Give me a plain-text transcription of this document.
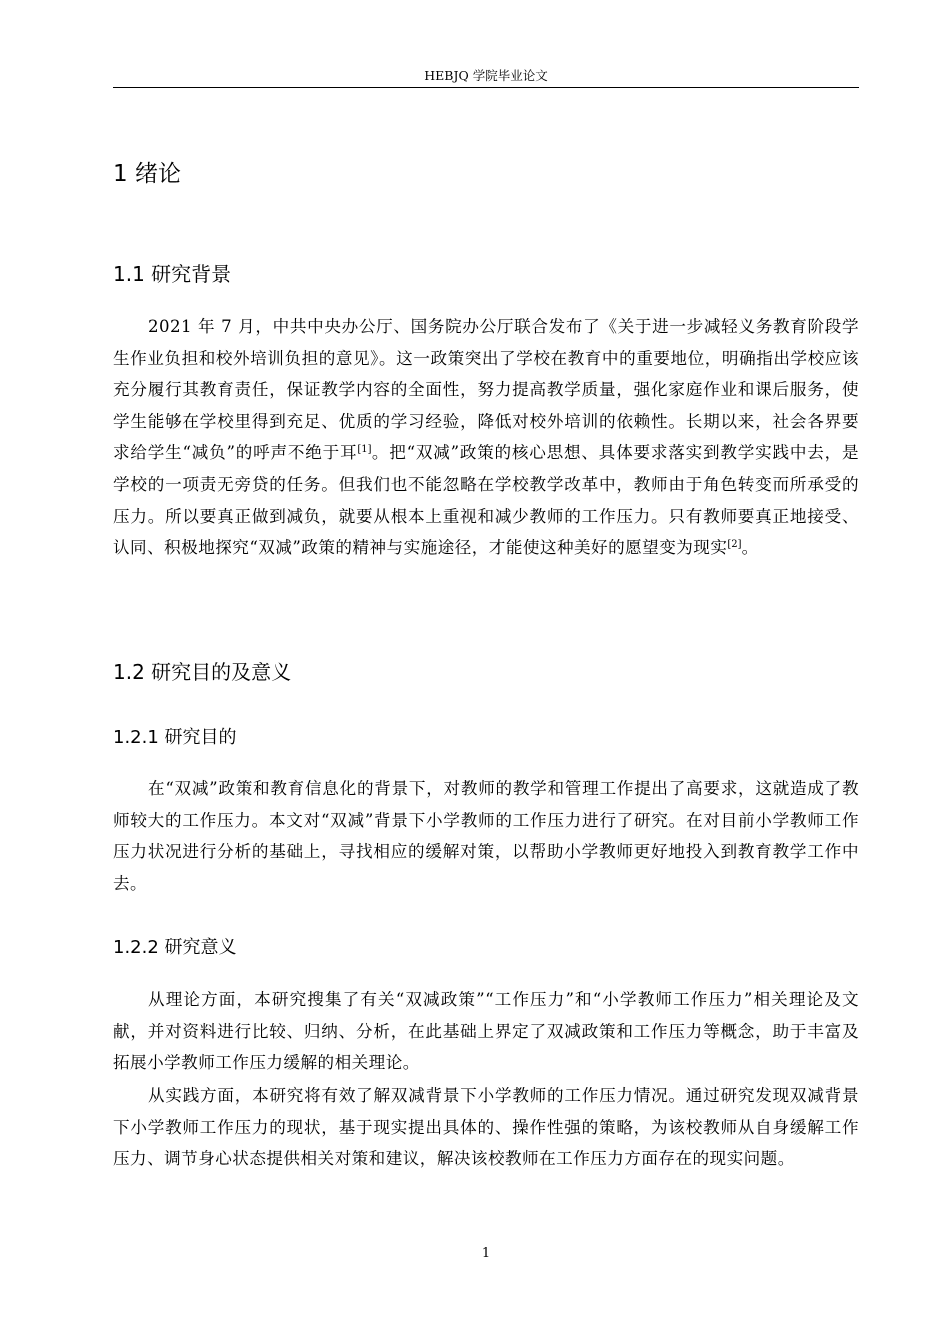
HEBJQ 学院毕业论文
1 绪论
1.1 研究背景

2021 年 7 月，中共中央办公厅、国务院办公厅联合发布了《关于进一步减轻义务教育阶段学生作业负担和校外培训负担的意见》。这一政策突出了学校在教育中的重要地位，明确指出学校应该充分履行其教育责任，保证教学内容的全面性，努力提高教学质量，强化家庭作业和课后服务，使学生能够在学校里得到充足、优质的学习经验，降低对校外培训的依赖性。长期以来，社会各界要求给学生“减负”的呼声不绝于耳[1]。把“双减”政策的核心思想、具体要求落实到教学实践中去，是学校的一项责无旁贷的任务。但我们也不能忽略在学校教学改革中，教师由于角色转变而所承受的压力。所以要真正做到减负，就要从根本上重视和减少教师的工作压力。只有教师要真正地接受、认同、积极地探究“双减”政策的精神与实施途径，才能使这种美好的愿望变为现实[2]。

1.2 研究目的及意义
1.2.1 研究目的

在“双减”政策和教育信息化的背景下，对教师的教学和管理工作提出了高要求，这就造成了教师较大的工作压力。本文对“双减”背景下小学教师的工作压力进行了研究。在对目前小学教师工作压力状况进行分析的基础上，寻找相应的缓解对策，以帮助小学教师更好地投入到教育教学工作中去。

1.2.2 研究意义

从理论方面，本研究搜集了有关“双减政策”“工作压力”和“小学教师工作压力”相关理论及文献，并对资料进行比较、归纳、分析，在此基础上界定了双减政策和工作压力等概念，助于丰富及拓展小学教师工作压力缓解的相关理论。

从实践方面，本研究将有效了解双减背景下小学教师的工作压力情况。通过研究发现双减背景下小学教师工作压力的现状，基于现实提出具体的、操作性强的策略，为该校教师从自身缓解工作压力、调节身心状态提供相关对策和建议，解决该校教师在工作压力方面存在的现实问题。

1
